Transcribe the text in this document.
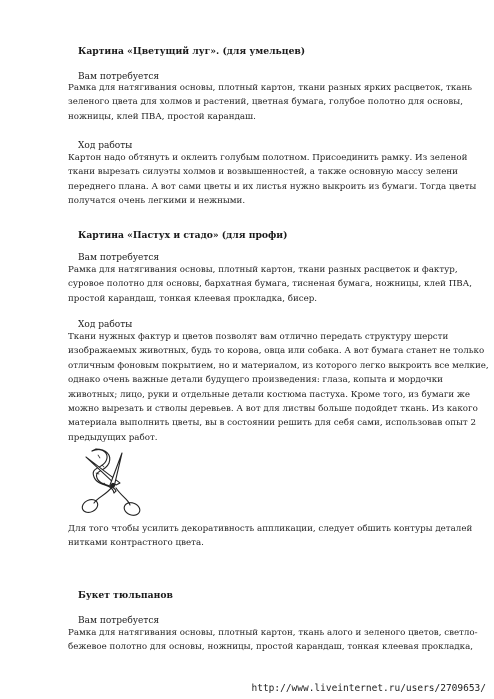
Картина «Цветущий луг». (для умельцев)
Вам потребуется
Рамка для натягивания основы, плотный картон, ткани разных ярких расцветок, ткань
зеленого цвета для холмов и растений, цветная бумага, голубое полотно для основы,
ножницы, клей ПВА, простой карандаш.
Ход работы
Картон надо обтянуть и оклеить голубым полотном. Присоединить рамку. Из зеленой
ткани вырезать силуэты холмов и возвышенностей, а также основную массу зелени
переднего плана. А вот сами цветы и их листья нужно выкроить из бумаги. Тогда цветы
получатся очень легкими и нежными.
Картина «Пастух и стадо» (для профи)
Вам потребуется
Рамка для натягивания основы, плотный картон, ткани разных расцветок и фактур,
суровое полотно для основы, бархатная бумага, тисненая бумага, ножницы, клей ПВА,
простой карандаш, тонкая клеевая прокладка, бисер.
Ход работы
Ткани нужных фактур и цветов позволят вам отлично передать структуру шерсти
изображаемых животных, будь то корова, овца или собака. А вот бумага станет не только
отличным фоновым покрытием, но и материалом, из которого легко выкроить все мелкие,
однако очень важные детали будущего произведения: глаза, копыта и мордочки
животных; лицо, руки и отдельные детали костюма пастуха. Кроме того, из бумаги же
можно вырезать и стволы деревьев. А вот для листвы больше подойдет ткань. Из какого
материала выполнить цветы, вы в состоянии решить для себя сами, использовав опыт 2
предыдущих работ.
Для того чтобы усилить декоративность аппликации, следует обшить контуры деталей
нитками контрастного цвета.
Букет тюльпанов
Вам потребуется
Рамка для натягивания основы, плотный картон, ткань алого и зеленого цветов, светло-
бежевое полотно для основы, ножницы, простой карандаш, тонкая клеевая прокладка,
http://www.liveinternet.ru/users/2709653/
